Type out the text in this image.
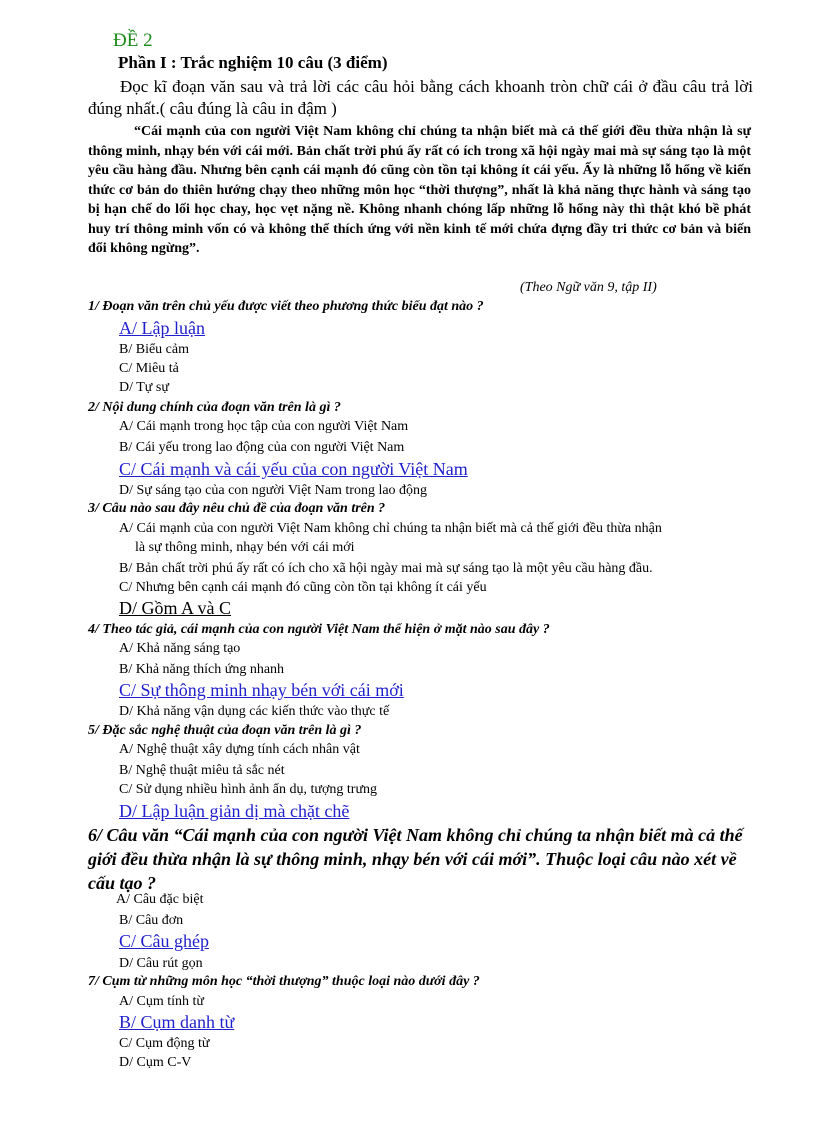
ĐỀ 2
Phần I : Trắc nghiệm 10 câu (3 điểm)
Đọc kĩ đoạn văn sau và trả lời các câu hỏi bằng cách khoanh tròn chữ cái ở đầu câu trả lời đúng nhất.( câu đúng là câu in đậm )
“Cái mạnh của con người Việt Nam không chỉ chúng ta nhận biết mà cả thế giới đều thừa nhận là sự thông minh, nhạy bén với cái mới. Bản chất trời phú ấy rất có ích trong xã hội ngày mai mà sự sáng tạo là một yêu cầu hàng đầu. Nhưng bên cạnh cái mạnh đó cũng còn tồn tại không ít cái yếu. Ấy là những lỗ hổng về kiến thức cơ bản do thiên hướng chạy theo những môn học “thời thượng”, nhất là khả năng thực hành và sáng tạo bị hạn chế do lối học chay, học vẹt nặng nề. Không nhanh chóng lấp những lỗ hổng này thì thật khó bề phát huy trí thông minh vốn có và không thể thích ứng với nền kinh tế mới chứa đựng đầy tri thức cơ bản và biến đổi không ngừng”.
(Theo Ngữ văn 9, tập II)
1/ Đoạn văn trên chủ yếu được viết theo phương thức biểu đạt nào ?
A/ Lập luận
B/ Biểu cảm
C/ Miêu tả
D/ Tự sự
2/ Nội dung chính của đoạn văn trên là gì ?
A/ Cái mạnh trong học tập của con người Việt Nam
B/ Cái yếu trong lao động của con người Việt Nam
C/ Cái mạnh và cái yếu của con người Việt Nam
D/ Sự sáng tạo của con người Việt Nam trong lao động
3/ Câu nào sau đây nêu chủ đề của đoạn văn trên ?
A/ Cái mạnh của con người Việt Nam không chỉ chúng ta nhận biết mà cả thế giới đều thừa nhận
là sự thông minh, nhạy bén với cái mới
B/ Bản chất trời phú ấy rất có ích cho xã hội ngày mai mà sự sáng tạo là một yêu cầu hàng đầu.
C/ Nhưng bên cạnh cái mạnh đó cũng còn tồn tại không ít cái yếu
D/ Gồm A và C
4/ Theo tác giả, cái mạnh của con người Việt Nam thể hiện ở mặt nào sau đây ?
A/ Khả năng sáng tạo
B/ Khả năng thích ứng nhanh
C/ Sự thông minh nhạy bén với cái mới
D/ Khả năng vận dụng các kiến thức vào thực tế
5/ Đặc sắc nghệ thuật của đoạn văn trên là gì ?
A/ Nghệ thuật xây dựng tính cách nhân vật
B/ Nghệ thuật miêu tả sắc nét
C/ Sử dụng nhiều hình ảnh ẩn dụ, tượng trưng
D/ Lập luận giản dị mà chặt chẽ
6/ Câu văn “Cái mạnh của con người Việt Nam không chỉ chúng ta nhận biết mà cả thế giới đều thừa nhận là sự thông minh, nhạy bén với cái mới”. Thuộc loại câu nào xét về cấu tạo ?
A/ Câu đặc biệt
B/ Câu đơn
C/ Câu ghép
D/ Câu rút gọn
7/ Cụm từ những môn học “thời thượng” thuộc loại nào dưới đây ?
A/ Cụm tính từ
B/ Cụm danh từ
C/ Cụm động từ
D/ Cụm C-V
